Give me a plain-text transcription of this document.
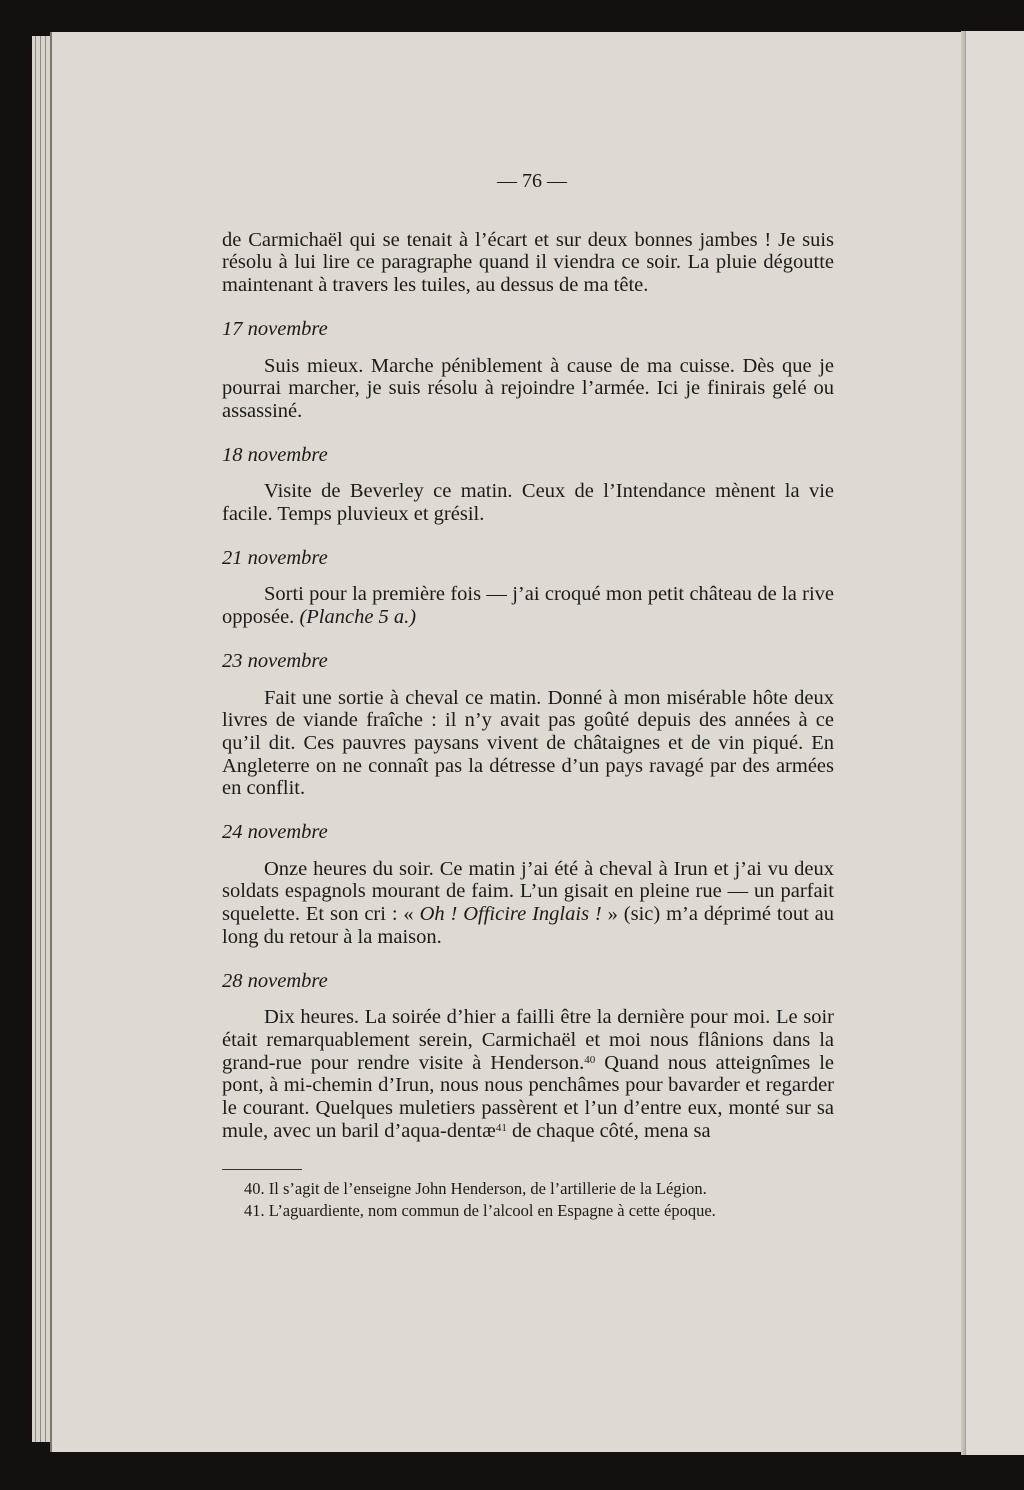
— 76 —

de Carmichaël qui se tenait à l’écart et sur deux bonnes jambes ! Je suis résolu à lui lire ce paragraphe quand il viendra ce soir. La pluie dégoutte maintenant à travers les tuiles, au dessus de ma tête.

17 novembre

Suis mieux. Marche péniblement à cause de ma cuisse. Dès que je pourrai marcher, je suis résolu à rejoindre l’armée. Ici je finirais gelé ou assassiné.

18 novembre

Visite de Beverley ce matin. Ceux de l’Intendance mènent la vie facile. Temps pluvieux et grésil.

21 novembre

Sorti pour la première fois — j’ai croqué mon petit château de la rive opposée. (Planche 5 a.)

23 novembre

Fait une sortie à cheval ce matin. Donné à mon misérable hôte deux livres de viande fraîche : il n’y avait pas goûté depuis des années à ce qu’il dit. Ces pauvres paysans vivent de châtaignes et de vin piqué. En Angleterre on ne connaît pas la détresse d’un pays ravagé par des armées en conflit.

24 novembre

Onze heures du soir. Ce matin j’ai été à cheval à Irun et j’ai vu deux soldats espagnols mourant de faim. L’un gisait en pleine rue — un parfait squelette. Et son cri : « Oh ! Officire Inglais ! » (sic) m’a déprimé tout au long du retour à la maison.

28 novembre

Dix heures. La soirée d’hier a failli être la dernière pour moi. Le soir était remarquablement serein, Carmichaël et moi nous flânions dans la grand-rue pour rendre visite à Henderson.$^{40}$ Quand nous atteignîmes le pont, à mi-chemin d’Irun, nous nous penchâmes pour bavarder et regarder le courant. Quelques muletiers passèrent et l’un d’entre eux, monté sur sa mule, avec un baril d’aqua-dentæ$^{41}$ de chaque côté, mena sa

40. Il s’agit de l’enseigne John Henderson, de l’artillerie de la Légion.

41. L’aguardiente, nom commun de l’alcool en Espagne à cette époque.
